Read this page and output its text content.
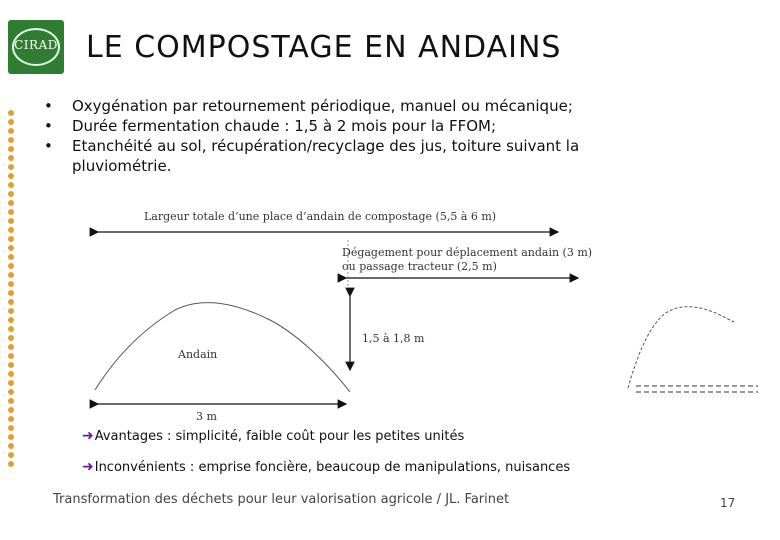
CIRAD LE COMPOSTAGE EN ANDAINS
• Oxygénation par retournement périodique, manuel ou mécanique;
• Durée fermentation chaude : 1,5 à 2 mois pour la FFOM;
• Etanchéité au sol, récupération/recyclage des jus, toiture suivant la pluviométrie.
Largeur totale d’une place d’andain de compostage (5,5 à 6 m)
Dégagement pour déplacement andain (3 m)
ou passage tracteur (2,5 m)
1,5 à 1,8 m
Andain
3 m
➜Avantages : simplicité, faible coût pour les petites unités
➜Inconvénients : emprise foncière, beaucoup de manipulations, nuisances
Transformation des déchets pour leur valorisation agricole / JL. Farinet	17
